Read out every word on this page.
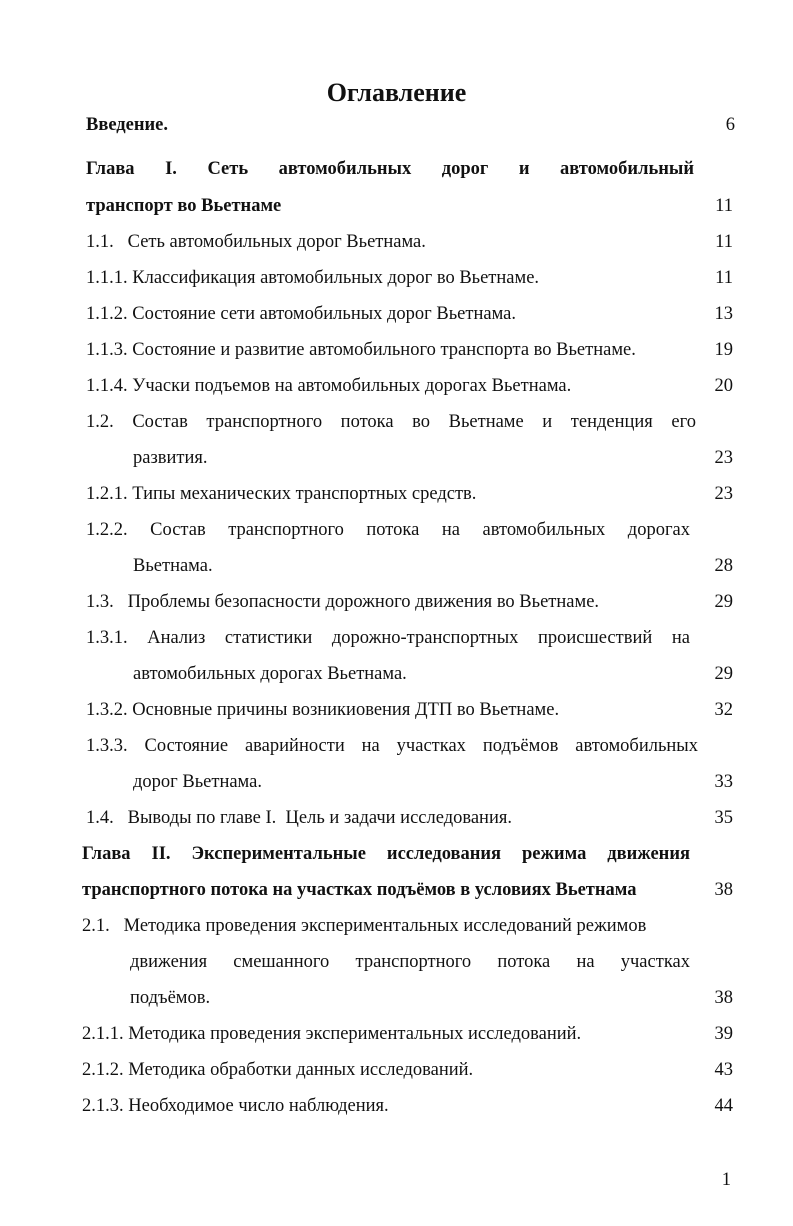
Оглавление
Введение.	6
Глава I. Сеть автомобильных дорог и автомобильный
транспорт во Вьетнаме	11
1.1.   Сеть автомобильных дорог Вьетнама.	11
1.1.1. Классификация автомобильных дорог во Вьетнаме.	11
1.1.2. Состояние сети автомобильных дорог Вьетнама.	13
1.1.3. Состояние и развитие автомобильного транспорта во Вьетнаме.	19
1.1.4. Учаски подъемов на автомобильных дорогах Вьетнама.	20
1.2. Состав транспортного потока во Вьетнаме и тенденция его
развития.	23
1.2.1. Типы механических транспортных средств.	23
1.2.2. Состав транспортного потока на автомобильных дорогах
Вьетнама.	28
1.3.   Проблемы безопасности дорожного движения во Вьетнаме.	29
1.3.1. Анализ статистики дорожно-транспортных происшествий на
автомобильных дорогах Вьетнама.	29
1.3.2. Основные причины возникиовения ДТП во Вьетнаме.	32
1.3.3. Состояние аварийности на участках подъёмов автомобильных
дорог Вьетнама.	33
1.4.   Выводы по главе I.  Цель и задачи исследования.	35
Глава II. Экспериментальные исследования режима движения
транспортного потока на участках подъёмов в условиях Вьетнама	38
2.1.   Методика проведения экспериментальных исследований режимов
движения смешанного транспортного потока на участках
подъёмов.	38
2.1.1. Методика проведения экспериментальных исследований.	39
2.1.2. Методика обработки данных исследований.	43
2.1.3. Необходимое число наблюдения.	44
1
